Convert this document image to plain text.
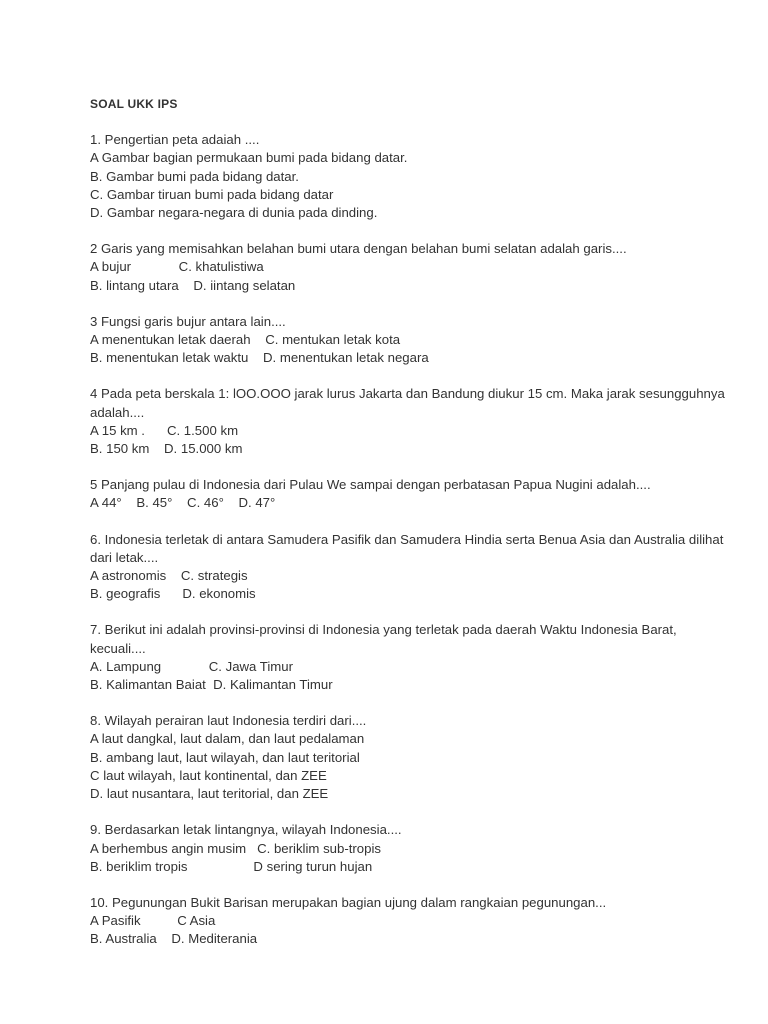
SOAL UKK IPS
1. Pengertian peta adaiah ....
A Gambar bagian permukaan bumi pada bidang datar.
B. Gambar bumi pada bidang datar.
C. Gambar tiruan bumi pada bidang datar
D. Gambar negara-negara di dunia pada dinding.
2 Garis yang memisahkan belahan bumi utara dengan belahan bumi selatan adalah garis....
A bujur             C. khatulistiwa
B. lintang utara    D. iintang selatan
3 Fungsi garis bujur antara lain....
A menentukan letak daerah    C. mentukan letak kota
B. menentukan letak waktu    D. menentukan letak negara
4 Pada peta berskala 1: lOO.OOO jarak lurus Jakarta dan Bandung diukur 15 cm. Maka jarak sesungguhnya adalah....
A 15 km .      C. 1.500 km
B. 150 km    D. 15.000 km
5 Panjang pulau di Indonesia dari Pulau We sampai dengan perbatasan Papua Nugini adalah....
A 44°    B. 45°    C. 46°    D. 47°
6. Indonesia terletak di antara Samudera Pasifik dan Samudera Hindia serta Benua Asia dan Australia dilihat dari letak....
A astronomis    C. strategis
B. geografis      D. ekonomis
7. Berikut ini adalah provinsi-provinsi di Indonesia yang terletak pada daerah Waktu Indonesia Barat, kecuali....
A. Lampung             C. Jawa Timur
B. Kalimantan Baiat  D. Kalimantan Timur
8. Wilayah perairan laut Indonesia terdiri dari....
A laut dangkal, laut dalam, dan laut pedalaman
B. ambang laut, laut wilayah, dan laut teritorial
C laut wilayah, laut kontinental, dan ZEE
D. laut nusantara, laut teritorial, dan ZEE
9. Berdasarkan letak lintangnya, wilayah Indonesia....
A berhembus angin musim   C. beriklim sub-tropis
B. beriklim tropis                  D sering turun hujan
10. Pegunungan Bukit Barisan merupakan bagian ujung dalam rangkaian pegunungan...
A Pasifik          C Asia
B. Australia    D. Mediterania
